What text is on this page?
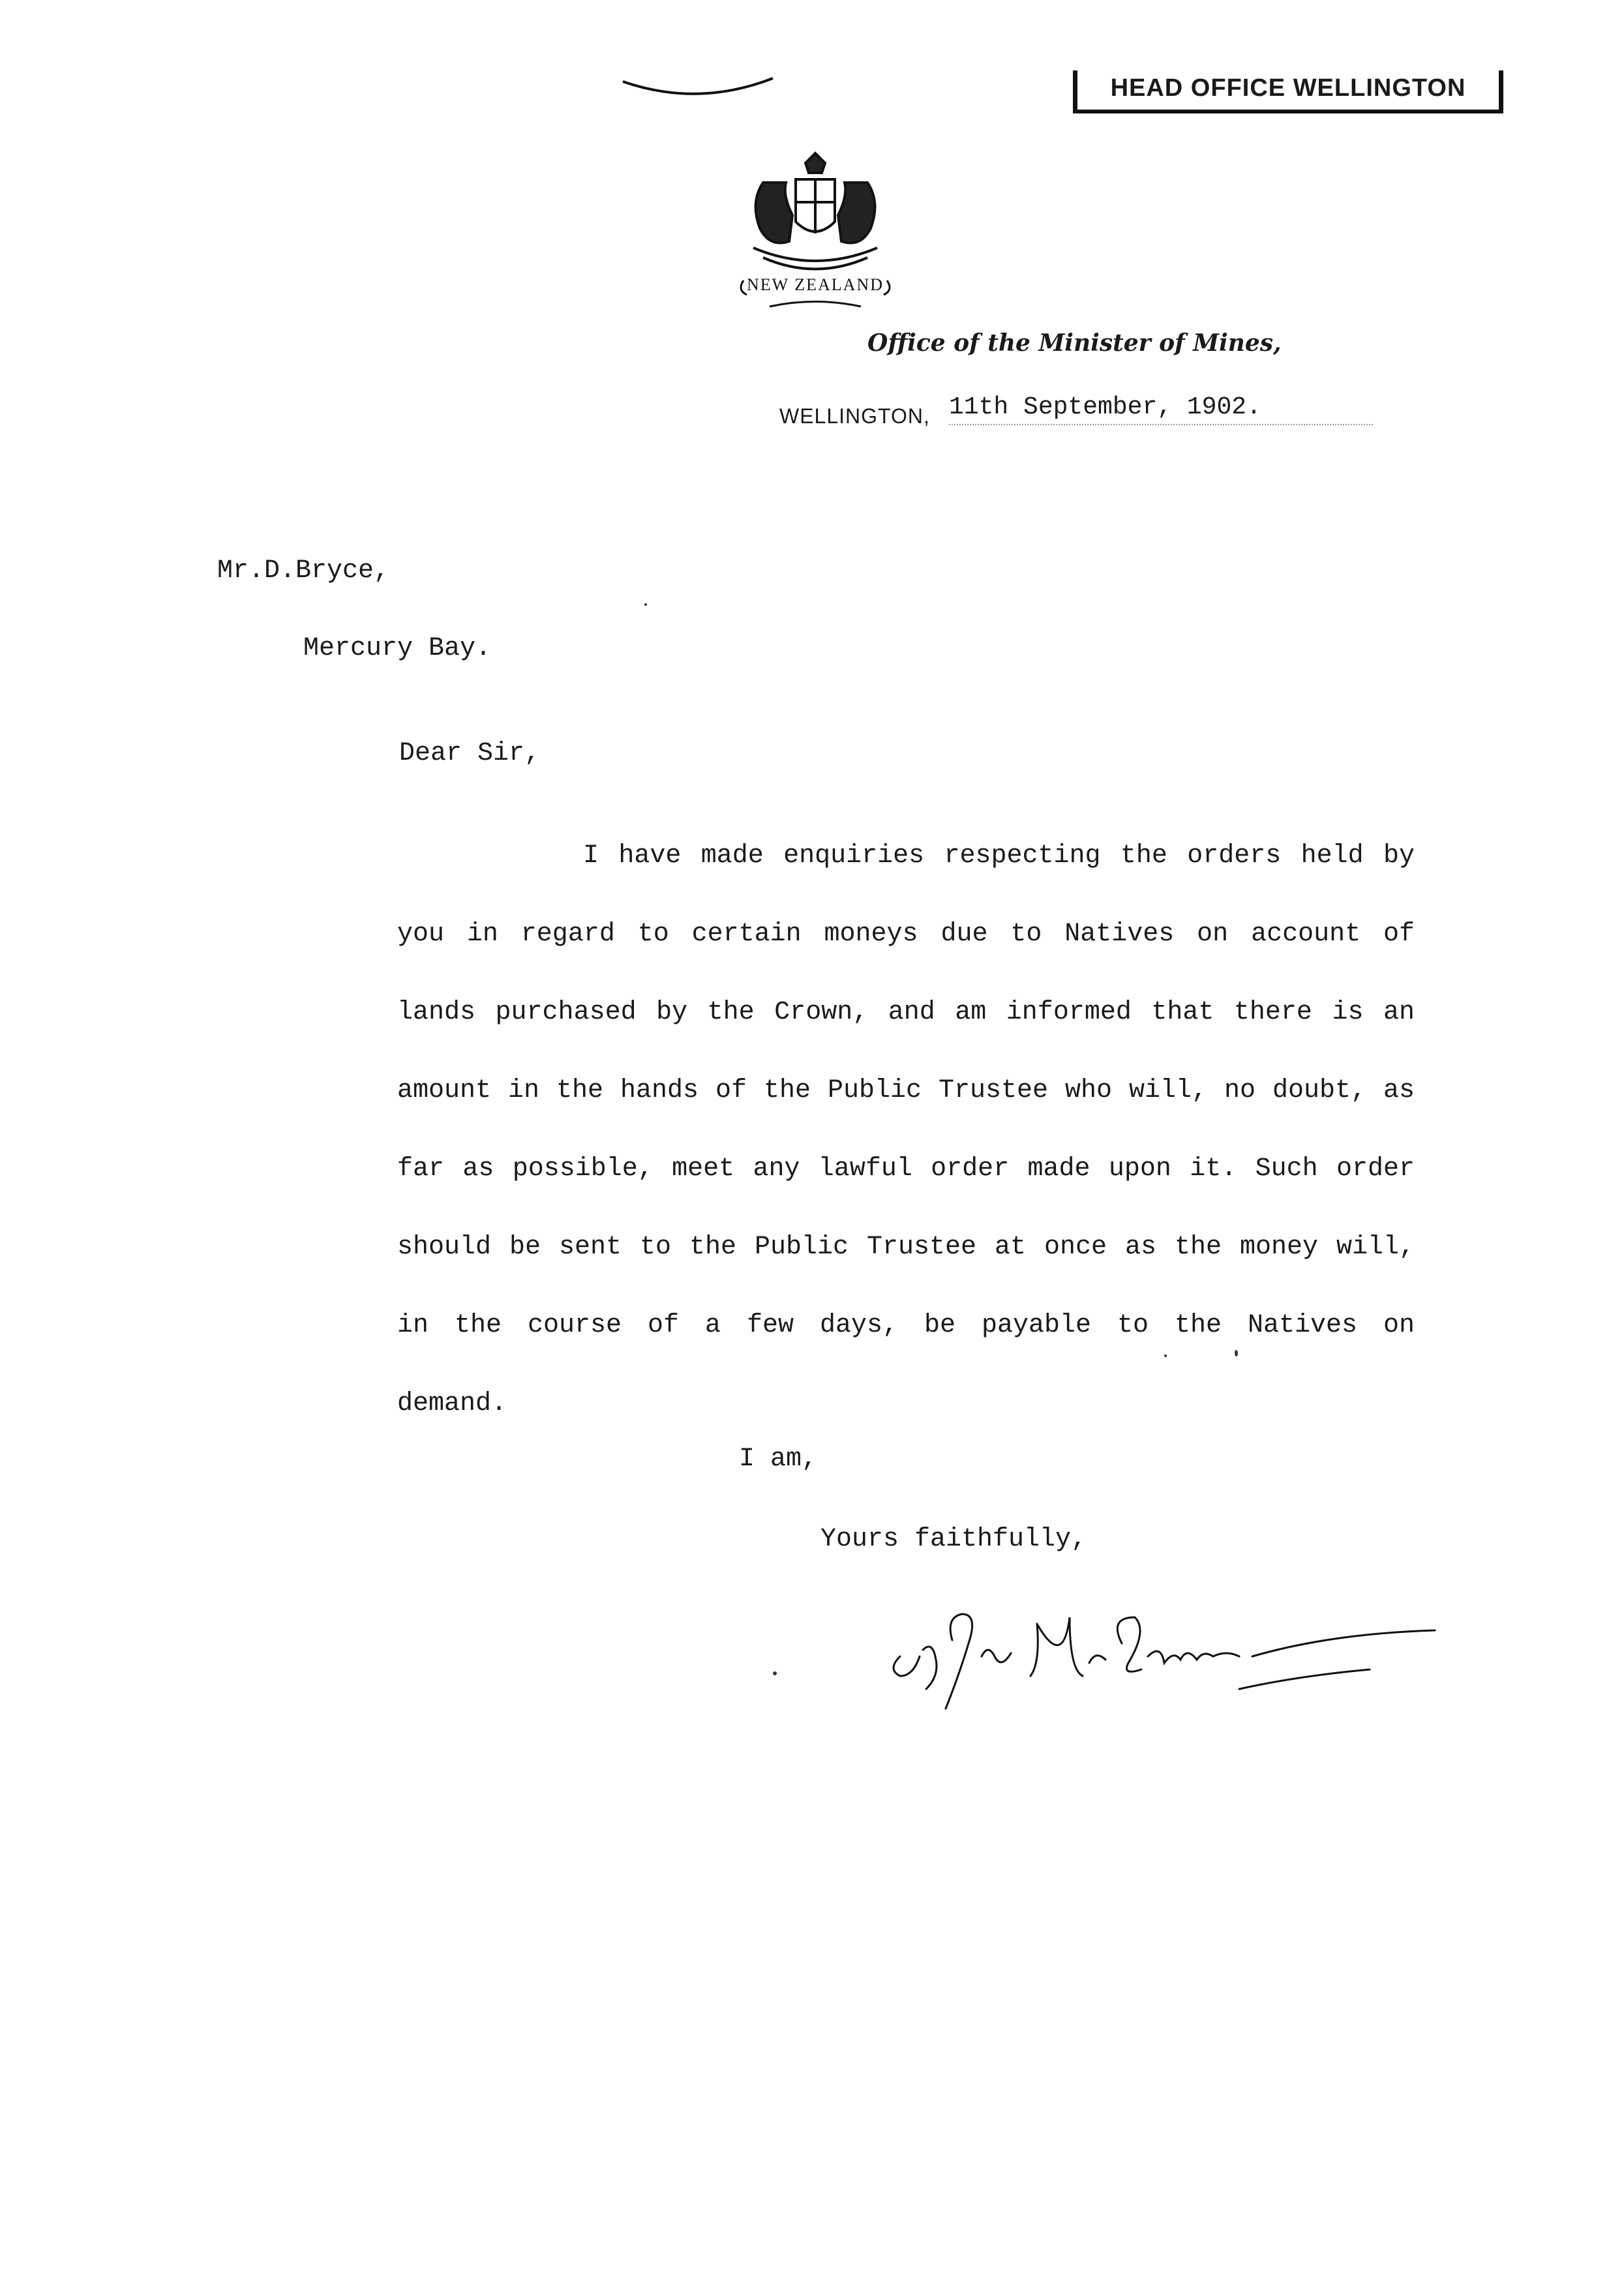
HEAD OFFICE WELLINGTON
NEW ZEALAND
Office of the Minister of Mines,
WELLINGTON, 11th September, 1902.
Mr.D.Bryce,
Mercury Bay.
Dear Sir,
I have made enquiries respecting the orders held by you in regard to certain moneys due to Natives on account of lands purchased by the Crown, and am informed that there is an amount in the hands of the Public Trustee who will, no doubt, as far as possible, meet any lawful order made upon it. Such order should be sent to the Public Trustee at once as the money will, in the course of a few days, be payable to the Natives on demand.
I am,
Yours faithfully,
